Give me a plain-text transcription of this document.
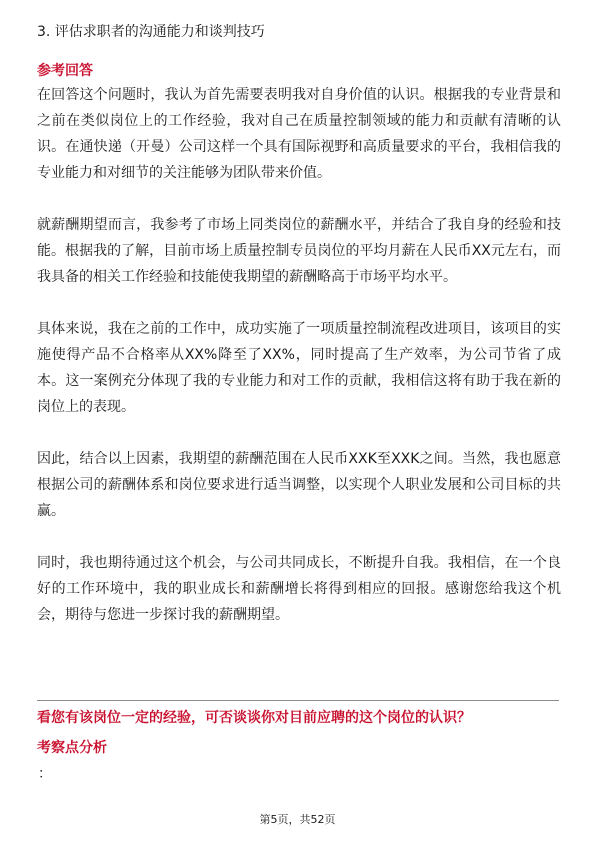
3. 评估求职者的沟通能力和谈判技巧
参考回答

在回答这个问题时，我认为首先需要表明我对自身价值的认识。根据我的专业背景和之前在类似岗位上的工作经验，我对自己在质量控制领域的能力和贡献有清晰的认识。在通快递（开曼）公司这样一个具有国际视野和高质量要求的平台，我相信我的专业能力和对细节的关注能够为团队带来价值。

就薪酬期望而言，我参考了市场上同类岗位的薪酬水平，并结合了我自身的经验和技能。根据我的了解，目前市场上质量控制专员岗位的平均月薪在人民币XX元左右，而我具备的相关工作经验和技能使我期望的薪酬略高于市场平均水平。

具体来说，我在之前的工作中，成功实施了一项质量控制流程改进项目，该项目的实施使得产品不合格率从XX%降至了XX%，同时提高了生产效率，为公司节省了成本。这一案例充分体现了我的专业能力和对工作的贡献，我相信这将有助于我在新的岗位上的表现。

因此，结合以上因素，我期望的薪酬范围在人民币XXK至XXK之间。当然，我也愿意根据公司的薪酬体系和岗位要求进行适当调整，以实现个人职业发展和公司目标的共赢。

同时，我也期待通过这个机会，与公司共同成长，不断提升自我。我相信，在一个良好的工作环境中，我的职业成长和薪酬增长将得到相应的回报。感谢您给我这个机会，期待与您进一步探讨我的薪酬期望。

看您有该岗位一定的经验，可否谈谈你对目前应聘的这个岗位的认识？
考察点分析
：
第5页，共52页
